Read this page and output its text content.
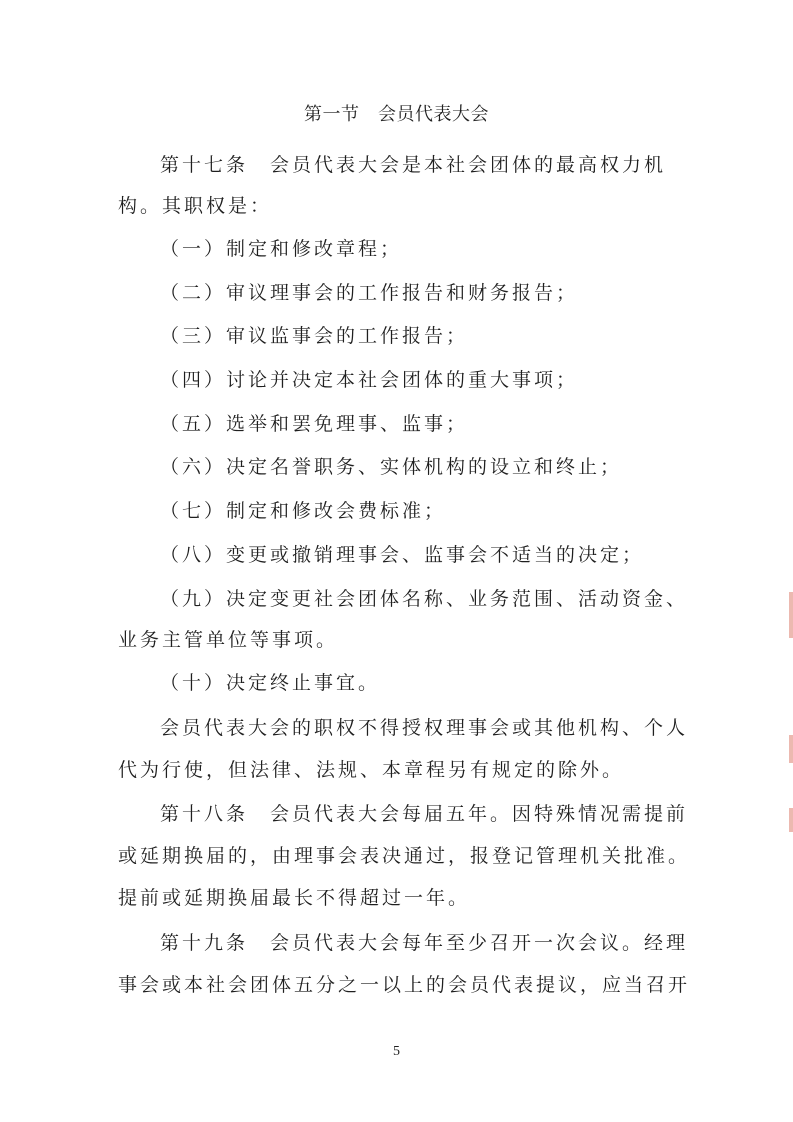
第一节　会员代表大会

第十七条　会员代表大会是本社会团体的最高权力机

构。其职权是：

（一）制定和修改章程；

（二）审议理事会的工作报告和财务报告；

（三）审议监事会的工作报告；

（四）讨论并决定本社会团体的重大事项；

（五）选举和罢免理事、监事；

（六）决定名誉职务、实体机构的设立和终止；

（七）制定和修改会费标准；

（八）变更或撤销理事会、监事会不适当的决定；

（九）决定变更社会团体名称、业务范围、活动资金、

业务主管单位等事项。

（十）决定终止事宜。

会员代表大会的职权不得授权理事会或其他机构、个人

代为行使，但法律、法规、本章程另有规定的除外。

第十八条　会员代表大会每届五年。因特殊情况需提前

或延期换届的，由理事会表决通过，报登记管理机关批准。

提前或延期换届最长不得超过一年。

第十九条　会员代表大会每年至少召开一次会议。经理

事会或本社会团体五分之一以上的会员代表提议，应当召开

5
